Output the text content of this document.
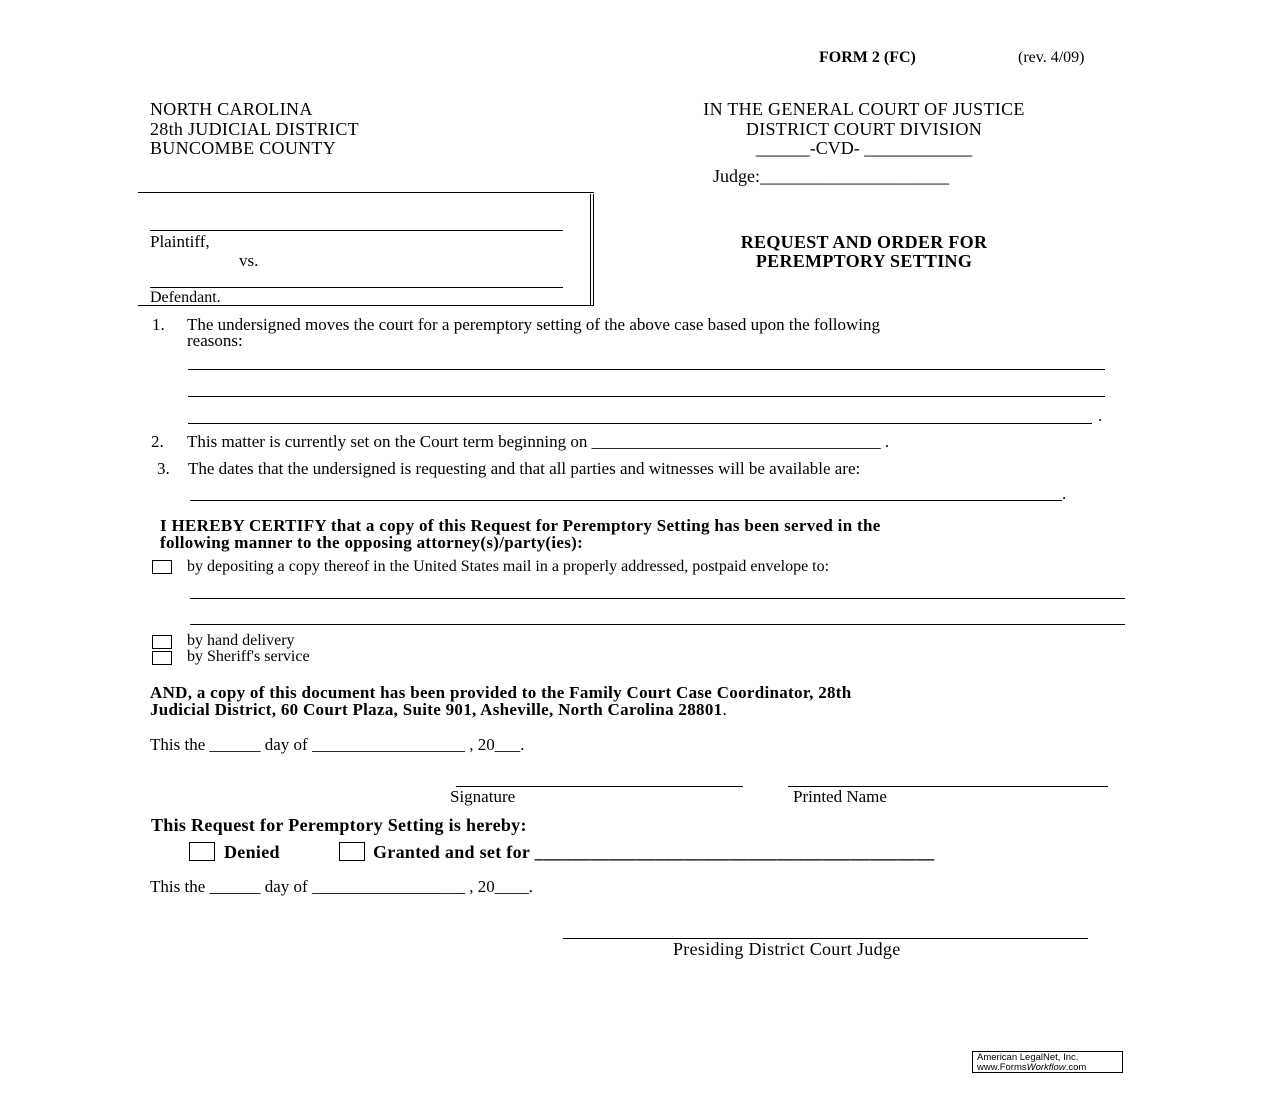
FORM 2 (FC)	(rev. 4/09)
NORTH CAROLINA
28th JUDICIAL DISTRICT
BUNCOMBE COUNTY
IN THE GENERAL COURT OF JUSTICE
DISTRICT COURT DIVISION
______-CVD- ____________
Judge:_____________________
Plaintiff,
vs.
Defendant.
REQUEST AND ORDER FOR
PEREMPTORY SETTING
1. The undersigned moves the court for a peremptory setting of the above case based upon the following
reasons:
.
2. This matter is currently set on the Court term beginning on __________________________________ .
3. The dates that the undersigned is requesting and that all parties and witnesses will be available are:
.
I HEREBY CERTIFY that a copy of this Request for Peremptory Setting has been served in the
following manner to the opposing attorney(s)/party(ies):
by depositing a copy thereof in the United States mail in a properly addressed, postpaid envelope to:
by hand delivery
by Sheriff's service
AND, a copy of this document has been provided to the Family Court Case Coordinator, 28th
Judicial District, 60 Court Plaza, Suite 901, Asheville, North Carolina 28801.
This the ______ day of __________________ , 20___.
Signature	Printed Name
This Request for Peremptory Setting is hereby:
Denied	Granted and set for ___________________________________________
This the ______ day of __________________ , 20____.
Presiding District Court Judge
American LegalNet, Inc.
www.FormsWorkflow.com
